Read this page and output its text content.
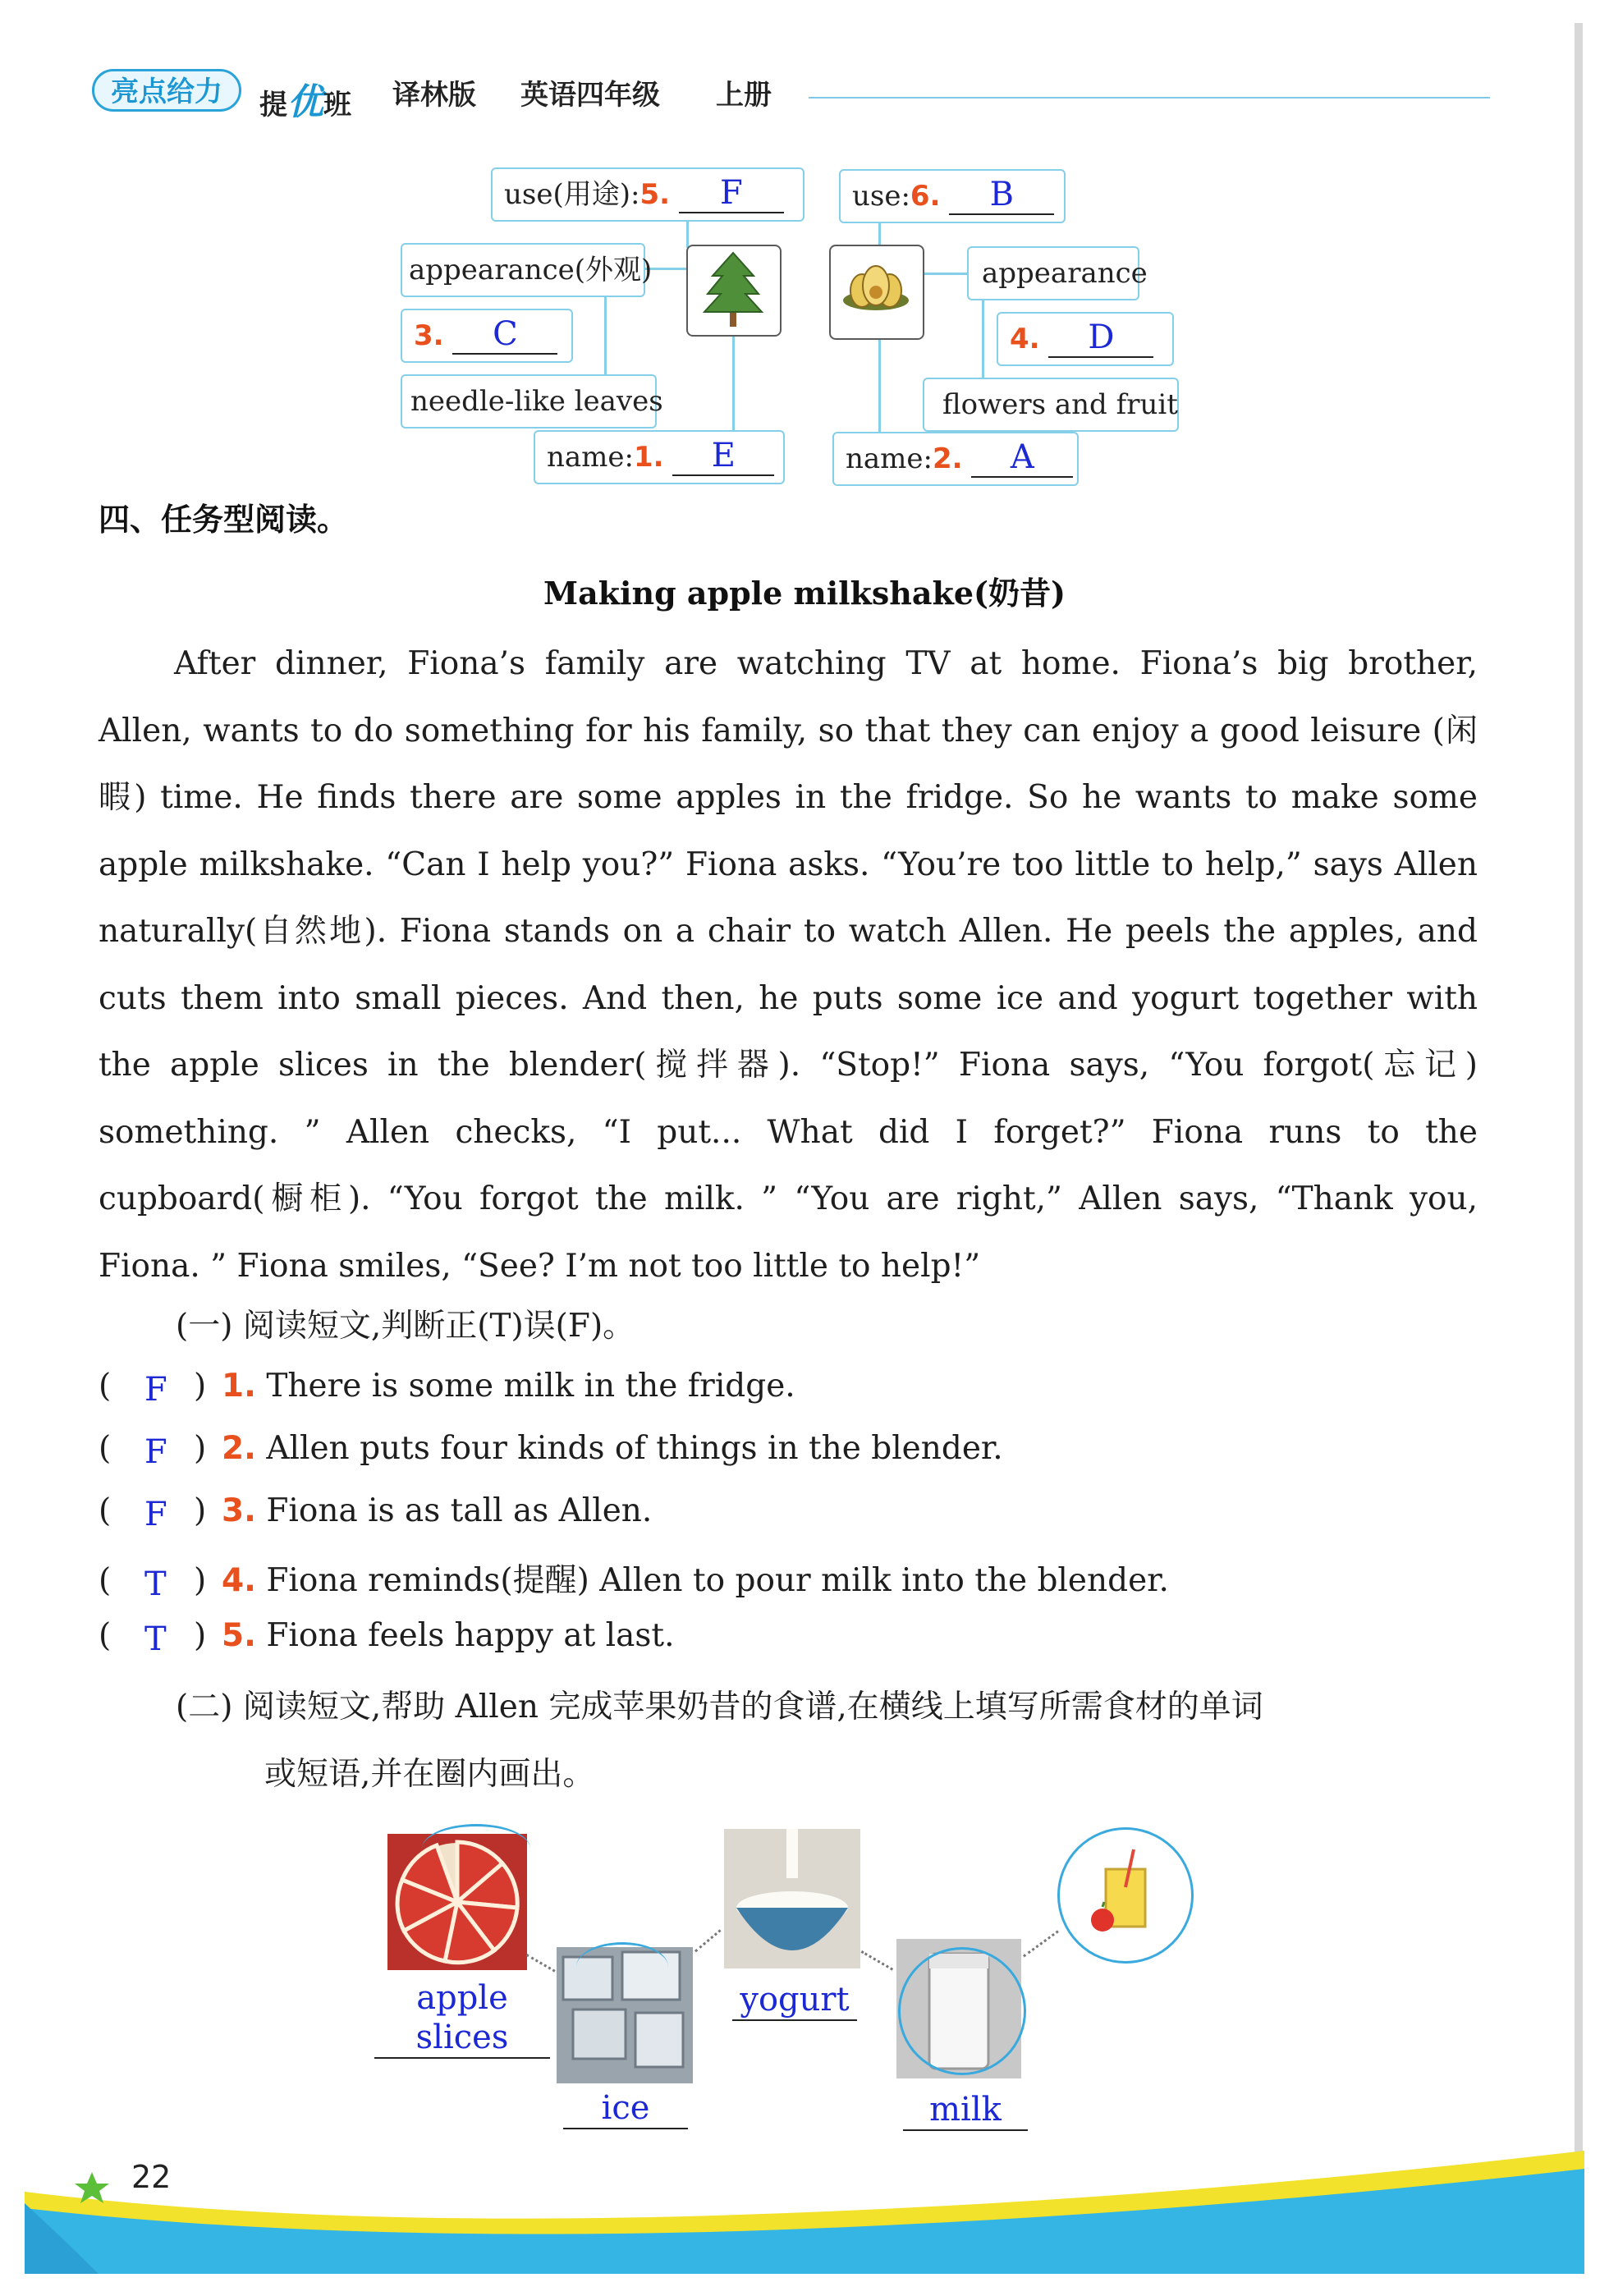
亮点给力	提优班 译林版 英语四年级 上册
use(用途):5. F
appearance(外观)
3. C
needle-like leaves
name:1. E
use:6. B
appearance
4. D
flowers and fruit
name:2. A
四、任务型阅读。
Making apple milkshake(奶昔)
After dinner, Fiona’s family are watching TV at home. Fiona’s big brother, Allen, wants to do something for his family, so that they can enjoy a good leisure (闲暇) time. He finds there are some apples in the fridge. So he wants to make some apple milkshake. “Can I help you?” Fiona asks. “You’re too little to help,” says Allen naturally(自然地). Fiona stands on a chair to watch Allen. He peels the apples, and cuts them into small pieces. And then, he puts some ice and yogurt together with the apple slices in the blender(搅拌器). “Stop!” Fiona says, “You forgot(忘记) something. ” Allen checks, “I put... What did I forget?” Fiona runs to the cupboard(橱柜). “You forgot the milk. ” “You are right,” Allen says, “Thank you, Fiona. ” Fiona smiles, “See? I’m not too little to help!”
(一) 阅读短文,判断正(T)误(F)。
( F ) 1. There is some milk in the fridge.
( F ) 2. Allen puts four kinds of things in the blender.
( F ) 3. Fiona is as tall as Allen.
( T ) 4. Fiona reminds(提醒) Allen to pour milk into the blender.
( T ) 5. Fiona feels happy at last.
(二) 阅读短文,帮助 Allen 完成苹果奶昔的食谱,在横线上填写所需食材的单词
或短语,并在圈内画出。
apple slices
ice
yogurt
milk
22
